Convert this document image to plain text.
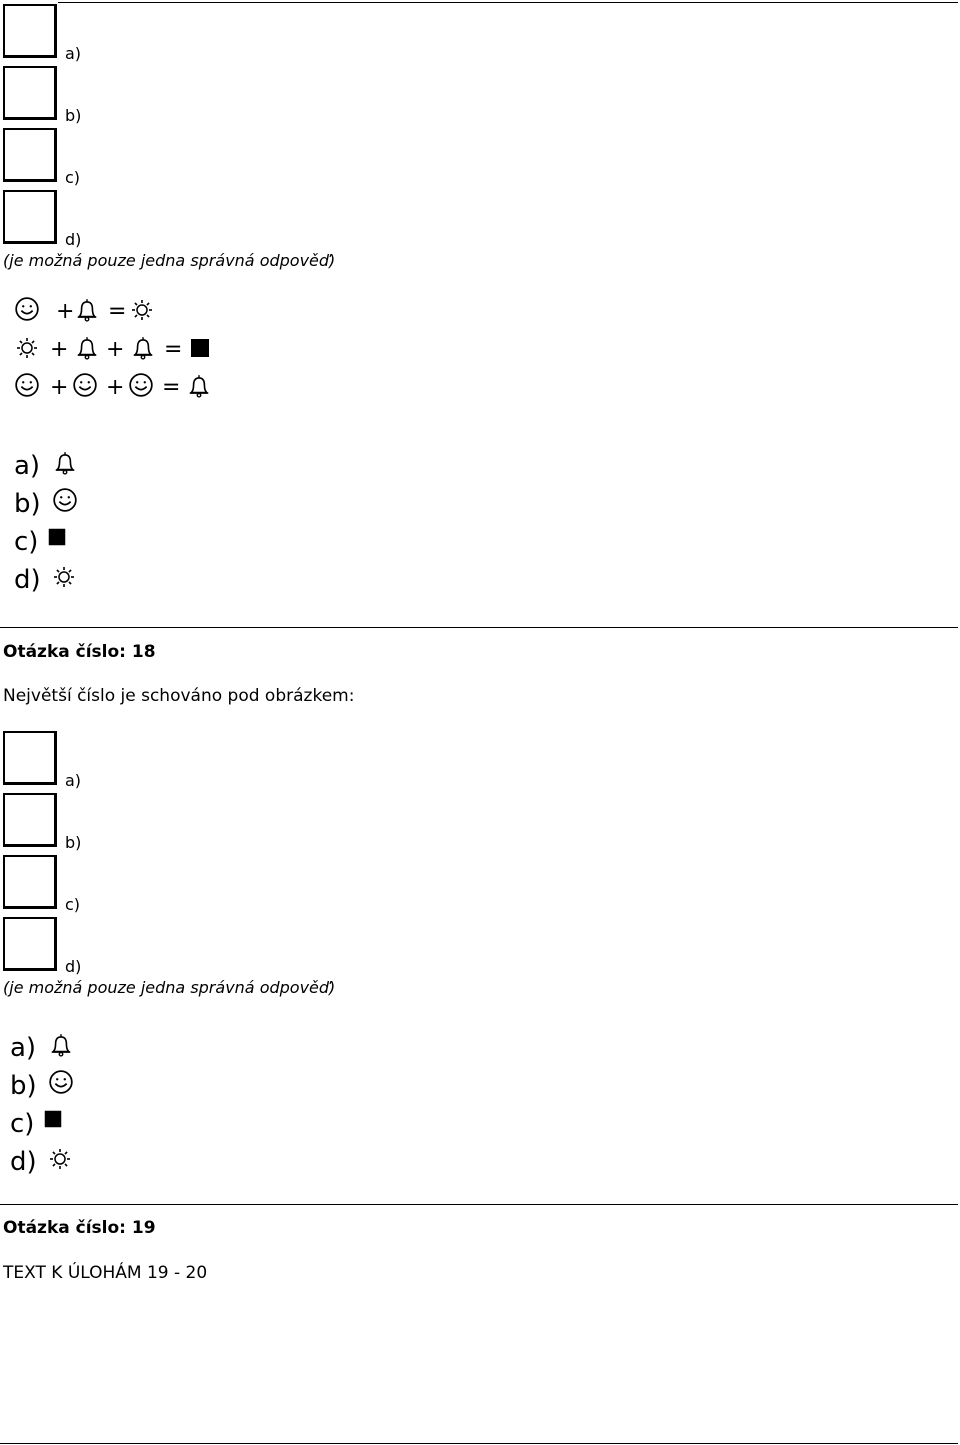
a)
b)
c)
d)
(je možná pouze jedna správná odpověď)
+ =
+ + =
+ + =
a)
b)
c)
d)
Otázka číslo: 18
Největší číslo je schováno pod obrázkem:
a)
b)
c)
d)
(je možná pouze jedna správná odpověď)
a)
b)
c)
d)
Otázka číslo: 19
TEXT K ÚLOHÁM 19 - 20
